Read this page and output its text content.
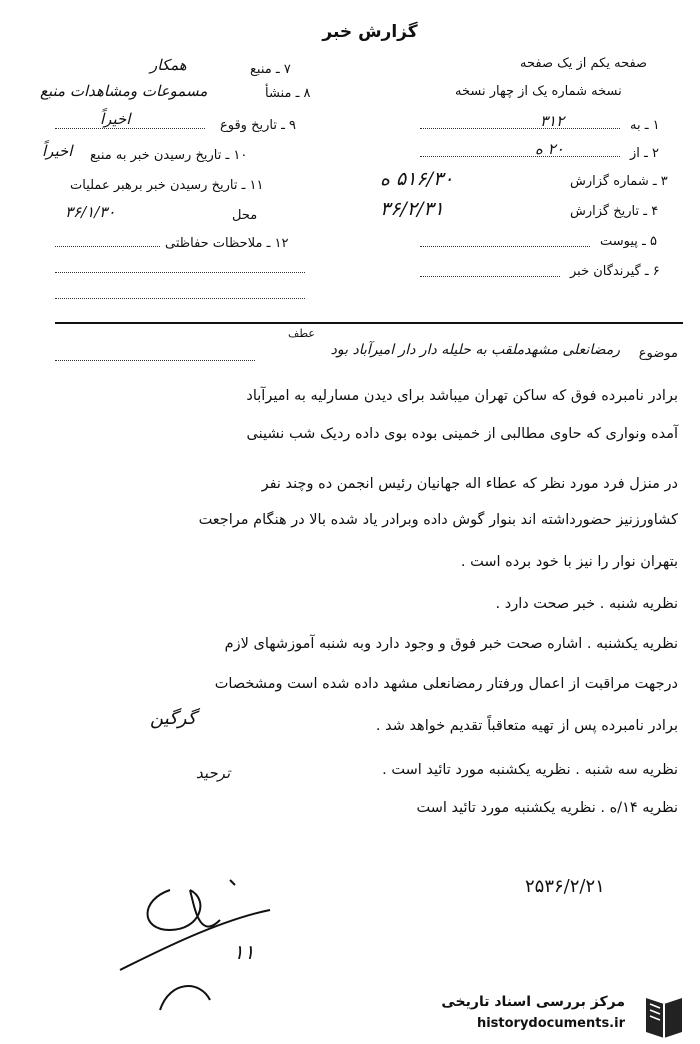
گزارش خبر
۷ ـ منبع
همکار
۸ ـ منشأ
مسموعات ومشاهدات منبع
۹ ـ تاریخ وقوع
اخیراً
۱۰ ـ تاریخ رسیدن خبر به منبع
اخیراً
۱۱ ـ تاریخ رسیدن خبر برهبر عملیات
محل
۳۶/۱/۳۰
۱۲ ـ ملاحظات حفاظتی
صفحه یکم از یک صفحه
نسخه شماره یک از چهار نسخه
۱ ـ به
۳۱۲
۲ ـ از
۲۰ ه
۳ ـ شماره گزارش
۵۱۶/۳۰ ه
۴ ـ تاریخ گزارش
۳۶/۲/۳۱
۵ ـ پیوست
۶ ـ گیرندگان خبر
موضوع
رمضانعلی مشهدملقب به حلیله دار دار امیرآباد بود
عطف
برادر نامبرده فوق که ساکن تهران میباشد برای دیدن مسارلیه به امیرآباد
آمده ونواری که حاوی مطالبی از خمینی بوده بوی داده ردیک شب نشینی
در منزل فرد مورد نظر که عطاء اله جهانیان رئیس انجمن ده وچند نفر
کشاورزنیز حضورداشته اند بنوار گوش داده وبرادر یاد شده بالا در هنگام مراجعت
بتهران نوار را نیز با خود برده است .
نظریه شنبه . خبر صحت دارد .
نظریه یکشنبه . اشاره صحت خبر فوق و وجود دارد وبه شنبه آموزشهای لازم
درجهت مراقبت از اعمال ورفتار رمضانعلی مشهد داده شده است ومشخصات
برادر نامبرده پس از تهیه متعاقباً تقدیم خواهد شد .
نظریه سه شنبه . نظریه یکشنبه مورد تائید است .
نظریه ۱۴/ه . نظریه یکشنبه مورد تائید است
گرگین
ترحید
۲۵۳۶/۲/۲۱
۱۱
مرکز بررسی اسناد تاریخی
historydocuments.ir
